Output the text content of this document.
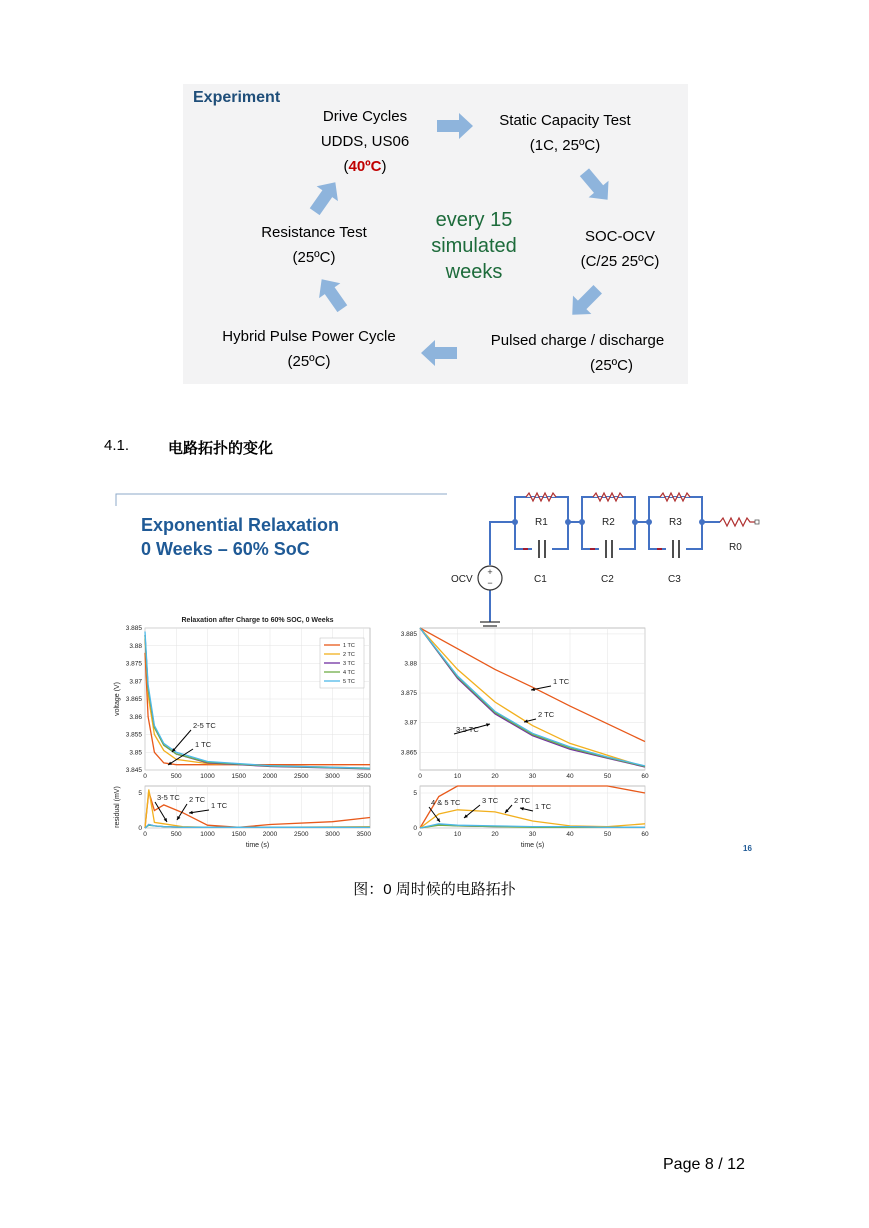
Experiment
Drive Cycles
UDDS, US06
(40ºC)
Static Capacity Test
(1C, 25ºC)
SOC-OCV
(C/25 25ºC)
Pulsed charge / discharge
(25ºC)
Hybrid Pulse Power Cycle
(25ºC)
Resistance Test
(25ºC)
every 15
simulated
weeks
4.1.	电路拓扑的变化
Exponential Relaxation
0 Weeks – 60% SoC
+
−
R1	R2	R3
R0
C1	C2	C3
OCV
0	500	1000	1500	2000	2500	3000	3500
3.845
3.85
3.855
3.86
3.865
3.87
3.875
3.88
3.885
Relaxation after Charge to 60% SOC, 0 Weeks
voltage (V)
1 TC
2 TC
3 TC
4 TC
5 TC
2-5 TC
1 TC
0	500	1000	1500	2000	2500	3000	3500
0
5
time (s)
residual (mV)	3-5 TC 2 TC
1 TC
0	10	20	30	40	50	60
3.865
3.87
3.875
3.88
3.885
1 TC
2 TC
3-5 TC
0	10	20	30	40	50	60
0
5
time (s)
4 & 5 TC	3 TC 2 TC
1 TC
16
图：0 周时候的电路拓扑
Page 8 / 12
